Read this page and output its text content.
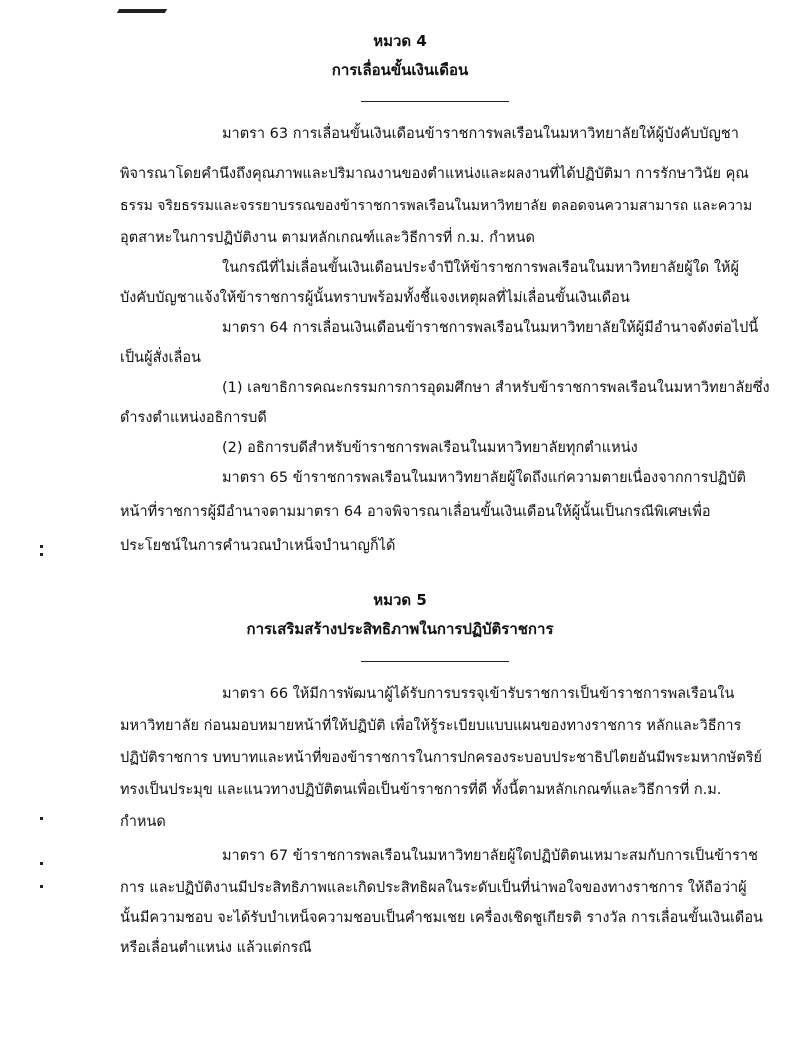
หมวด 4
การเลื่อนขั้นเงินเดือน
มาตรา 63 การเลื่อนขั้นเงินเดือนข้าราชการพลเรือนในมหาวิทยาลัยให้ผู้บังคับบัญชา
พิจารณาโดยคำนึงถึงคุณภาพและปริมาณงานของตำแหน่งและผลงานที่ได้ปฏิบัติมา การรักษาวินัย คุณ
ธรรม จริยธรรมและจรรยาบรรณของข้าราชการพลเรือนในมหาวิทยาลัย ตลอดจนความสามารถ และความ
อุตสาหะในการปฏิบัติงาน ตามหลักเกณฑ์และวิธีการที่ ก.ม. กำหนด
ในกรณีที่ไม่เลื่อนขั้นเงินเดือนประจำปีให้ข้าราชการพลเรือนในมหาวิทยาลัยผู้ใด ให้ผู้
บังคับบัญชาแจ้งให้ข้าราชการผู้นั้นทราบพร้อมทั้งชี้แจงเหตุผลที่ไม่เลื่อนขั้นเงินเดือน
มาตรา 64 การเลื่อนเงินเดือนข้าราชการพลเรือนในมหาวิทยาลัยให้ผู้มีอำนาจดังต่อไปนี้
เป็นผู้สั่งเลื่อน
(1) เลขาธิการคณะกรรมการการอุดมศึกษา สำหรับข้าราชการพลเรือนในมหาวิทยาลัยซึ่ง
ดำรงตำแหน่งอธิการบดี
(2) อธิการบดีสำหรับข้าราชการพลเรือนในมหาวิทยาลัยทุกตำแหน่ง
มาตรา 65 ข้าราชการพลเรือนในมหาวิทยาลัยผู้ใดถึงแก่ความตายเนื่องจากการปฏิบัติ
หน้าที่ราชการผู้มีอำนาจตามมาตรา 64 อาจพิจารณาเลื่อนขั้นเงินเดือนให้ผู้นั้นเป็นกรณีพิเศษเพื่อ
ประโยชน์ในการคำนวณบำเหน็จบำนาญก็ได้
หมวด 5
การเสริมสร้างประสิทธิภาพในการปฏิบัติราชการ
มาตรา 66 ให้มีการพัฒนาผู้ได้รับการบรรจุเข้ารับราชการเป็นข้าราชการพลเรือนใน
มหาวิทยาลัย ก่อนมอบหมายหน้าที่ให้ปฏิบัติ เพื่อให้รู้ระเบียบแบบแผนของทางราชการ หลักและวิธีการ
ปฏิบัติราชการ บทบาทและหน้าที่ของข้าราชการในการปกครองระบอบประชาธิปไตยอันมีพระมหากษัตริย์
ทรงเป็นประมุข และแนวทางปฏิบัติตนเพื่อเป็นข้าราชการที่ดี ทั้งนี้ตามหลักเกณฑ์และวิธีการที่ ก.ม.
กำหนด
มาตรา 67 ข้าราชการพลเรือนในมหาวิทยาลัยผู้ใดปฏิบัติตนเหมาะสมกับการเป็นข้าราช
การ และปฏิบัติงานมีประสิทธิภาพและเกิดประสิทธิผลในระดับเป็นที่น่าพอใจของทางราชการ ให้ถือว่าผู้
นั้นมีความชอบ จะได้รับบำเหน็จความชอบเป็นคำชมเชย เครื่องเชิดชูเกียรติ รางวัล การเลื่อนขั้นเงินเดือน
หรือเลื่อนตำแหน่ง แล้วแต่กรณี
